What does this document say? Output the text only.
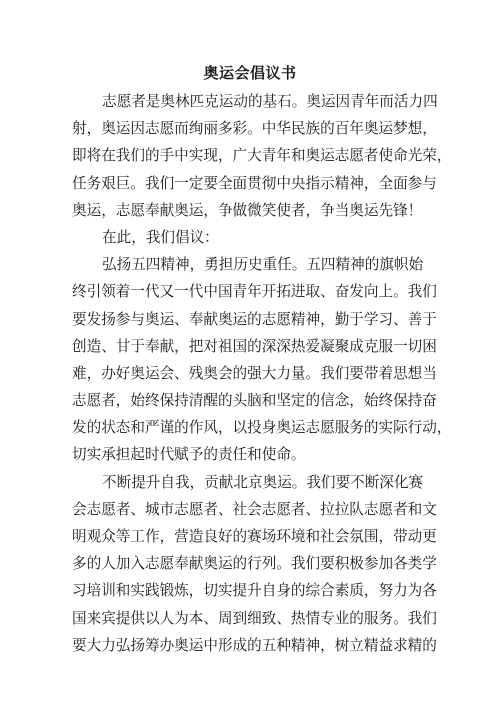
奥运会倡议书
志愿者是奥林匹克运动的基石。奥运因青年而活力四
射，奥运因志愿而绚丽多彩。中华民族的百年奥运梦想，
即将在我们的手中实现，广大青年和奥运志愿者使命光荣，
任务艰巨。我们一定要全面贯彻中央指示精神，全面参与
奥运，志愿奉献奥运，争做微笑使者，争当奥运先锋！
在此，我们倡议：
弘扬五四精神，勇担历史重任。五四精神的旗帜始
终引领着一代又一代中国青年开拓进取、奋发向上。我们
要发扬参与奥运、奉献奥运的志愿精神，勤于学习、善于
创造、甘于奉献，把对祖国的深深热爱凝聚成克服一切困
难，办好奥运会、残奥会的强大力量。我们要带着思想当
志愿者，始终保持清醒的头脑和坚定的信念，始终保持奋
发的状态和严谨的作风，以投身奥运志愿服务的实际行动，
切实承担起时代赋予的责任和使命。
不断提升自我，贡献北京奥运。我们要不断深化赛
会志愿者、城市志愿者、社会志愿者、拉拉队志愿者和文
明观众等工作，营造良好的赛场环境和社会氛围，带动更
多的人加入志愿奉献奥运的行列。我们要积极参加各类学
习培训和实践锻炼，切实提升自身的综合素质，努力为各
国来宾提供以人为本、周到细致、热情专业的服务。我们
要大力弘扬筹办奥运中形成的五种精神，树立精益求精的
